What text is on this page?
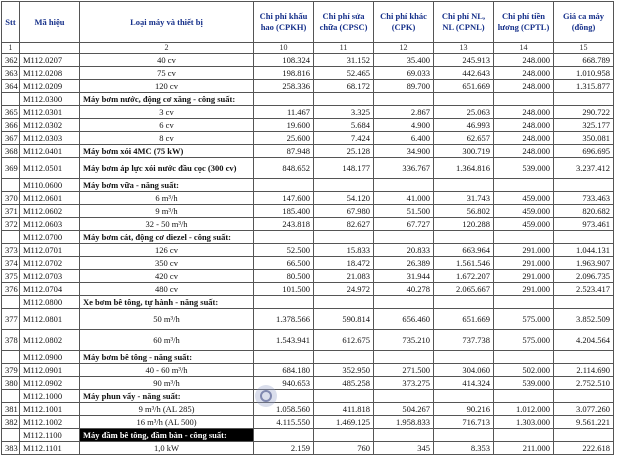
Stt	Mã hiệu	Loại máy và thiết bị	Chi phí khấu hao (CPKH)	Chi phí sửa chữa (CPSC)	Chi phí khác (CPK)	Chi phí NL, NL (CPNL)	Chi phí tiền lương (CPTL)	Giá ca máy (đồng)
1		2	10	11	12	13	14	15
362	M112.0207	40 cv	108.324	31.152	35.400	245.913	248.000	668.789
363	M112.0208	75 cv	198.816	52.465	69.033	442.643	248.000	1.010.958
364	M112.0209	120 cv	258.336	68.172	89.700	651.669	248.000	1.315.877
	M112.0300	Máy bơm nước, động cơ xăng - công suất:						
365	M112.0301	3 cv	11.467	3.325	2.867	25.063	248.000	290.722
366	M112.0302	6 cv	19.600	5.684	4.900	46.993	248.000	325.177
367	M112.0303	8 cv	25.600	7.424	6.400	62.657	248.000	350.081
368	M112.0401	Máy bơm xói 4MC (75 kW)	87.948	25.128	34.900	300.719	248.000	696.695
369	M112.0501	Máy bơm áp lực xói nước đầu cọc (300 cv)	848.652	148.177	336.767	1.364.816	539.000	3.237.412
	M110.0600	Máy bơm vữa - năng suất:						
370	M112.0601	6 m³/h	147.600	54.120	41.000	31.743	459.000	733.463
371	M112.0602	9 m³/h	185.400	67.980	51.500	56.802	459.000	820.682
372	M112.0603	32 - 50 m³/h	243.818	82.627	67.727	120.288	459.000	973.461
	M112.0700	Máy bơm cát, động cơ diezel - công suất:						
373	M112.0701	126 cv	52.500	15.833	20.833	663.964	291.000	1.044.131
374	M112.0702	350 cv	66.500	18.472	26.389	1.561.546	291.000	1.963.907
375	M112.0703	420 cv	80.500	21.083	31.944	1.672.207	291.000	2.096.735
376	M112.0704	480 cv	101.500	24.972	40.278	2.065.667	291.000	2.523.417
	M112.0800	Xe bơm bê tông, tự hành - năng suất:						
377	M112.0801	50 m³/h	1.378.566	590.814	656.460	651.669	575.000	3.852.509
378	M112.0802	60 m³/h	1.543.941	612.675	735.210	737.738	575.000	4.204.564
	M112.0900	Máy bơm bê tông - năng suất:						
379	M112.0901	40 - 60 m³/h	684.180	352.950	271.500	304.060	502.000	2.114.690
380	M112.0902	90 m³/h	940.653	485.258	373.275	414.324	539.000	2.752.510
	M112.1000	Máy phun vẩy - năng suất:						
381	M112.1001	9 m³/h (AL 285)	1.058.560	411.818	504.267	90.216	1.012.000	3.077.260
382	M112.1002	16 m³/h (AL 500)	4.115.550	1.469.125	1.958.833	716.713	1.303.000	9.561.221
	M112.1100	Máy đầm bê tông, đầm bàn - công suất:						
383	M112.1101	1,0 kW	2.159	760	345	8.353	211.000	222.618
